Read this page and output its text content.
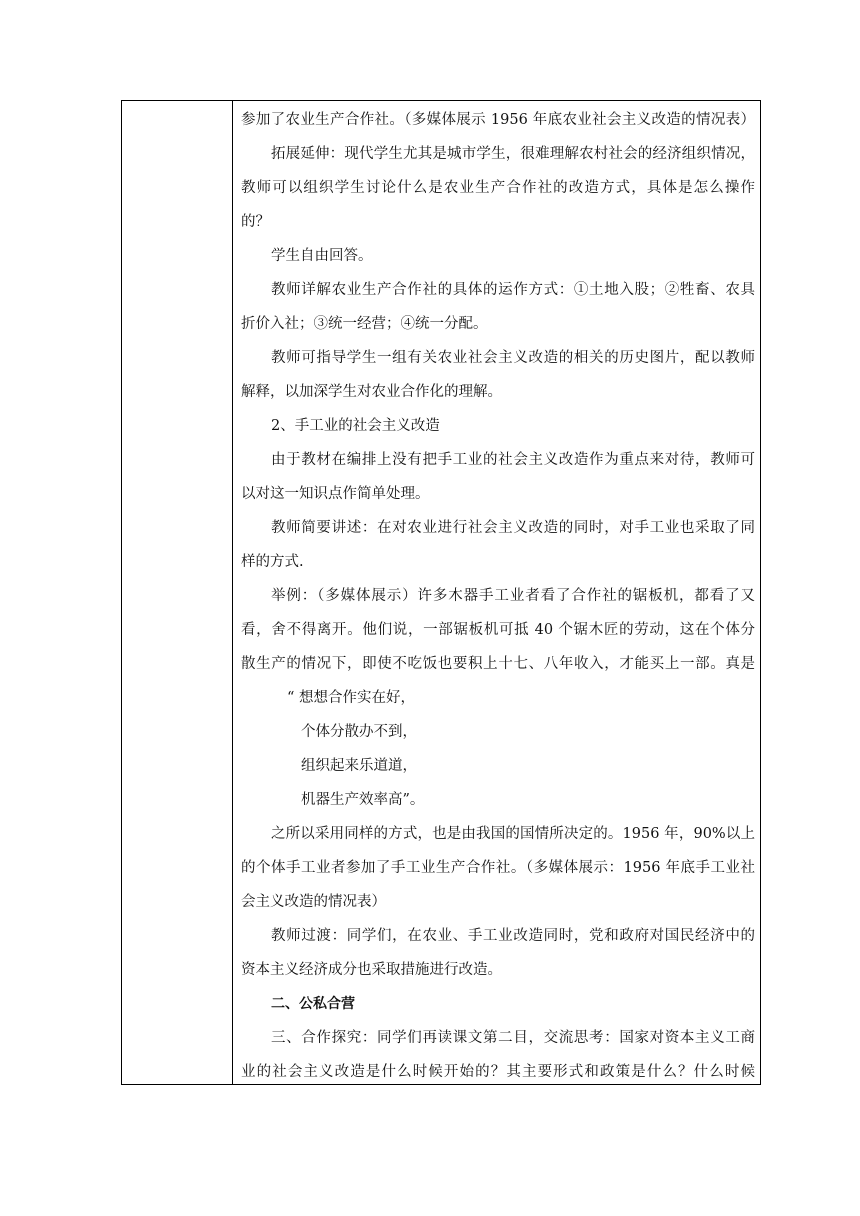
参加了农业生产合作社。（多媒体展示 1956 年底农业社会主义改造的情况表）
拓展延伸：现代学生尤其是城市学生，很难理解农村社会的经济组织情况，
教师可以组织学生讨论什么是农业生产合作社的改造方式，具体是怎么操作
的？
学生自由回答。
教师详解农业生产合作社的具体的运作方式：①土地入股；②牲畜、农具
折价入社；③统一经营；④统一分配。
教师可指导学生一组有关农业社会主义改造的相关的历史图片，配以教师
解释，以加深学生对农业合作化的理解。
2、手工业的社会主义改造
由于教材在编排上没有把手工业的社会主义改造作为重点来对待，教师可
以对这一知识点作简单处理。
教师简要讲述：在对农业进行社会主义改造的同时，对手工业也采取了同
样的方式.
举例：（多媒体展示）许多木器手工业者看了合作社的锯板机，都看了又
看，舍不得离开。他们说，一部锯板机可抵 40 个锯木匠的劳动，这在个体分
散生产的情况下，即使不吃饭也要积上十七、八年收入，才能买上一部。真是
“ 想想合作实在好，
个体分散办不到，
组织起来乐道道，
机器生产效率高”。
之所以采用同样的方式，也是由我国的国情所决定的。1956 年，90%以上
的个体手工业者参加了手工业生产合作社。（多媒体展示：1956 年底手工业社
会主义改造的情况表）
教师过渡：同学们，在农业、手工业改造同时，党和政府对国民经济中的
资本主义经济成分也采取措施进行改造。
二、公私合营
三、合作探究：同学们再读课文第二目，交流思考：国家对资本主义工商
业的社会主义改造是什么时候开始的？其主要形式和政策是什么？什么时候
